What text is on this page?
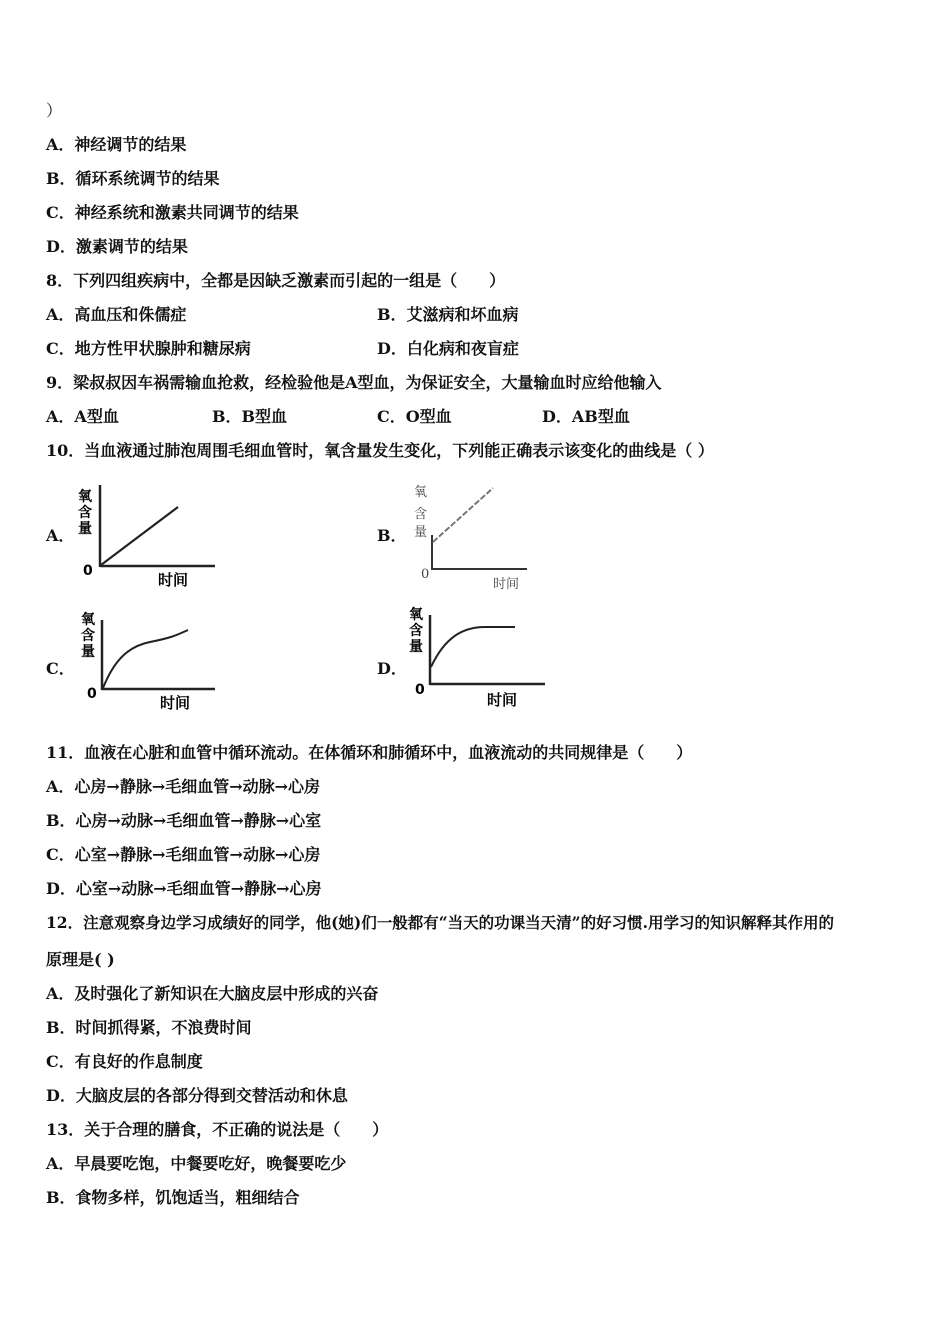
）
A．神经调节的结果
B．循环系统调节的结果
C．神经系统和激素共同调节的结果
D．激素调节的结果
8．下列四组疾病中，全都是因缺乏激素而引起的一组是（　　）
A．高血压和侏儒症	B．艾滋病和坏血病
C．地方性甲状腺肿和糖尿病	D．白化病和夜盲症
9．梁叔叔因车祸需输血抢救，经检验他是A型血，为保证安全，大量输血时应给他输入
A．A型血	B．B型血	C．O型血	D．AB型血
10．当血液通过肺泡周围毛细血管时，氧含量发生变化，下列能正确表示该变化的曲线是（ ）
A．	B．
C．	D．
氧
含
量
0	时间
氧
含
量
0
时间
氧
含
量
0	时间
氧
含
量
0
时间
11．血液在心脏和血管中循环流动。在体循环和肺循环中，血液流动的共同规律是（　　）
A．心房→静脉→毛细血管→动脉→心房
B．心房→动脉→毛细血管→静脉→心室
C．心室→静脉→毛细血管→动脉→心房
D．心室→动脉→毛细血管→静脉→心房
12．注意观察身边学习成绩好的同学，他(她)们一般都有“当天的功课当天清”的好习惯.用学习的知识解释其作用的
原理是( )
A．及时强化了新知识在大脑皮层中形成的兴奋
B．时间抓得紧，不浪费时间
C．有良好的作息制度
D．大脑皮层的各部分得到交替活动和休息
13．关于合理的膳食，不正确的说法是（　　）
A．早晨要吃饱，中餐要吃好，晚餐要吃少
B．食物多样，饥饱适当，粗细结合
